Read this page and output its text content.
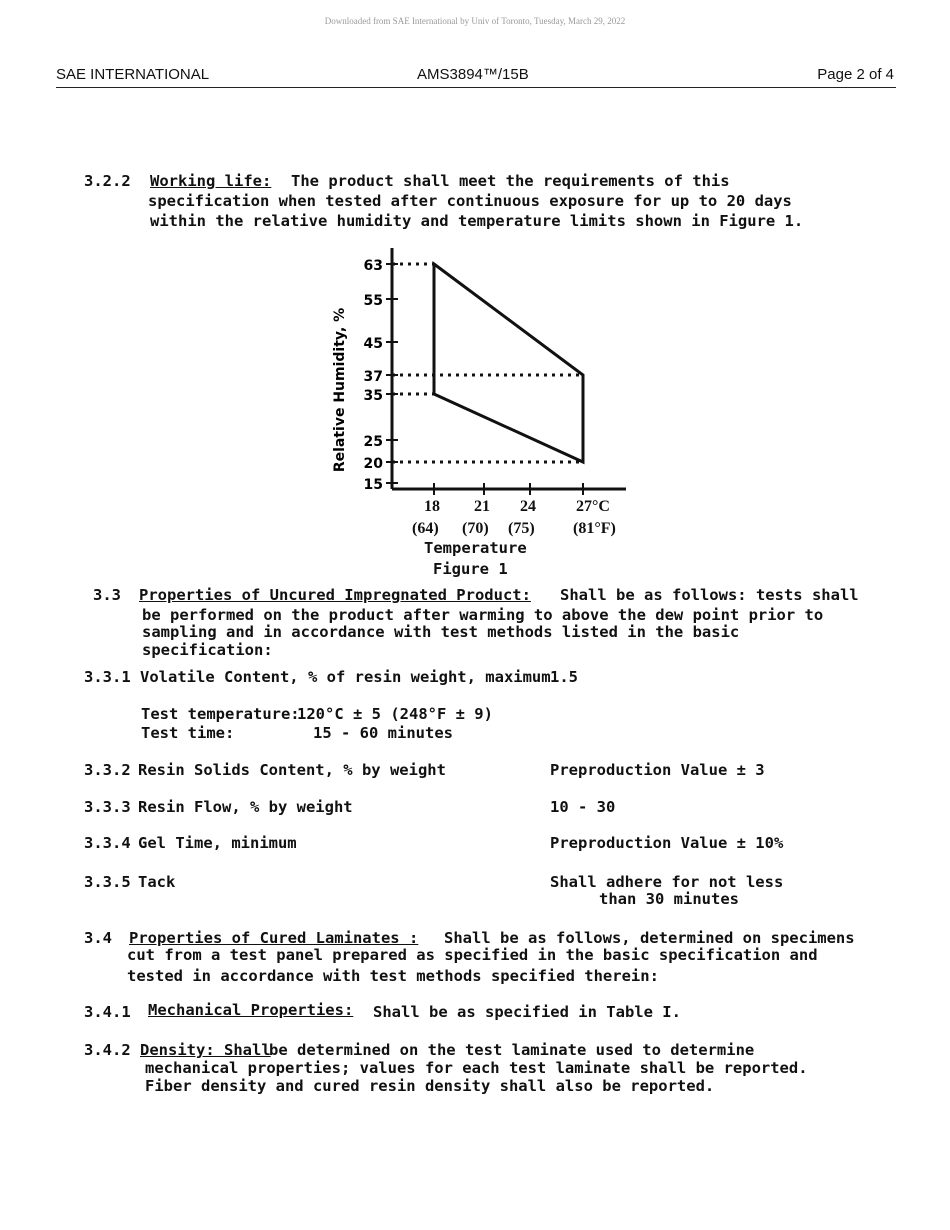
Downloaded from SAE International by Univ of Toronto, Tuesday, March 29, 2022
SAE INTERNATIONAL	AMS3894™/15B	Page 2 of 4
3.2.2 Working life: The product shall meet the requirements of this
specification when tested after continuous exposure for up to 20 days
within the relative humidity and temperature limits shown in Figure 1.
Relative Humidity, %
63
55
45
37
35
25
20
15
18 21 24	27°C
(64) (70) (75) (81°F)
Temperature
Figure 1
3.3 Properties of Uncured Impregnated Product: Shall be as follows: tests shall
be performed on the product after warming to above the dew point prior to
sampling and in accordance with test methods listed in the basic
specification:
3.3.1 Volatile Content, % of resin weight, maximum 1.5
Test temperature:
120°C ± 5 (248°F ± 9)
Test time:	15 - 60 minutes
3.3.2 Resin Solids Content, % by weight	Preproduction Value ± 3
3.3.3 Resin Flow, % by weight	10 - 30
3.3.4 Gel Time, minimum	Preproduction Value ± 10%
3.3.5 Tack	Shall adhere for not less
than 30 minutes
3.4 Properties of Cured Laminates : Shall be as follows, determined on specimens
cut from a test panel prepared as specified in the basic specification and
tested in accordance with test methods specified therein:
3.4.1 Mechanical Properties: Shall be as specified in Table I.
3.4.2 Density: Shall
be determined on the test laminate used to determine
mechanical properties; values for each test laminate shall be reported.
Fiber density and cured resin density shall also be reported.
